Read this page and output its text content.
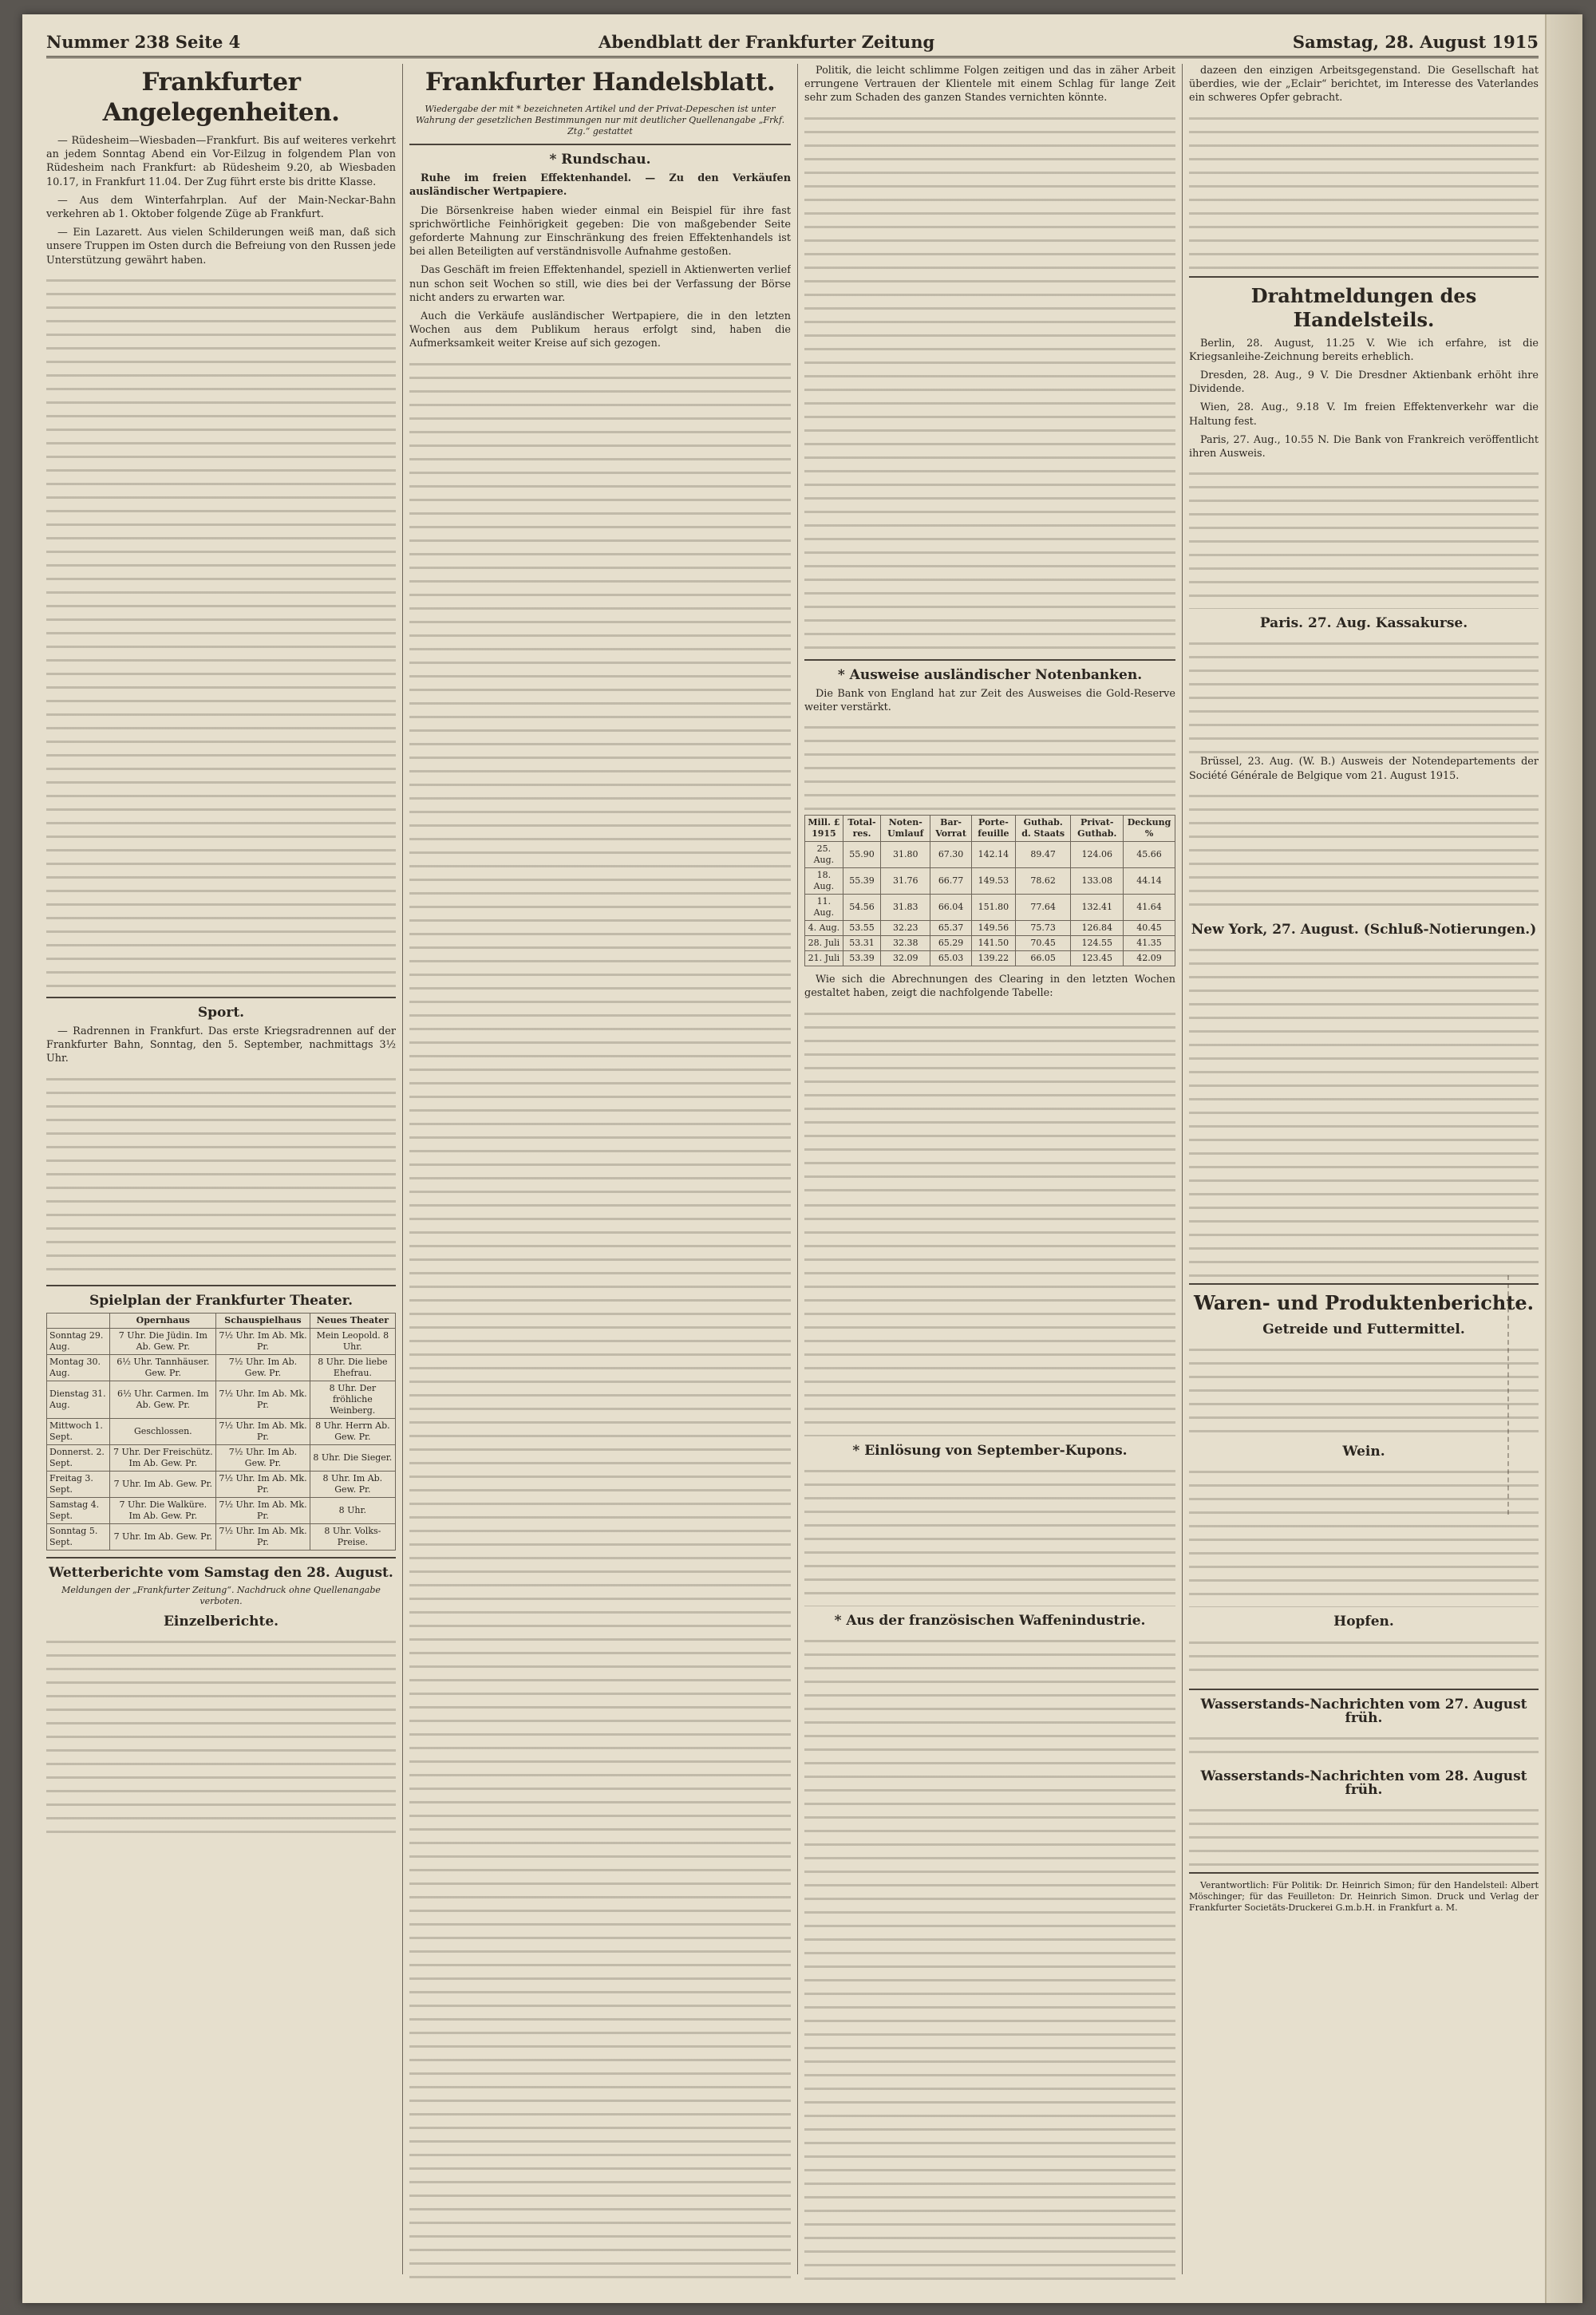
Nummer 238 Seite 4	Abendblatt der Frankfurter Zeitung	Samstag, 28. August 1915
Frankfurter Angelegenheiten.

— Rüdesheim—Wiesbaden—Frankfurt. Bis auf weiteres verkehrt an jedem Sonntag Abend ein Vor-Eilzug in folgendem Plan von Rüdesheim nach Frankfurt: ab Rüdesheim 9.20, ab Wiesbaden 10.17, in Frankfurt 11.04. Der Zug führt erste bis dritte Klasse.

— Aus dem Winterfahrplan. Auf der Main-Neckar-Bahn verkehren ab 1. Oktober folgende Züge ab Frankfurt.

— Ein Lazarett. Aus vielen Schilderungen weiß man, daß sich unsere Truppen im Osten durch die Befreiung von den Russen jede Unterstützung gewährt haben.

Sport.

— Radrennen in Frankfurt. Das erste Kriegsradrennen auf der Frankfurter Bahn, Sonntag, den 5. September, nachmittags 3½ Uhr.

Spielplan der Frankfurter Theater.
	Opernhaus	Schauspielhaus	Neues Theater
Sonntag 29. Aug.	7 Uhr. Die Jüdin. Im Ab. Gew. Pr.	7½ Uhr. Im Ab. Mk. Pr.	Mein Leopold. 8 Uhr.
Montag 30. Aug.	6½ Uhr. Tannhäuser. Gew. Pr.	7½ Uhr. Im Ab. Gew. Pr.	8 Uhr. Die liebe Ehefrau.
Dienstag 31. Aug.	6½ Uhr. Carmen. Im Ab. Gew. Pr.	7½ Uhr. Im Ab. Mk. Pr.	8 Uhr. Der fröhliche Weinberg.
Mittwoch 1. Sept.	Geschlossen.	7½ Uhr. Im Ab. Mk. Pr.	8 Uhr. Herrn Ab. Gew. Pr.
Donnerst. 2. Sept.	7 Uhr. Der Freischütz. Im Ab. Gew. Pr.	7½ Uhr. Im Ab. Gew. Pr.	8 Uhr. Die Sieger.
Freitag 3. Sept.	7 Uhr. Im Ab. Gew. Pr.	7½ Uhr. Im Ab. Mk. Pr.	8 Uhr. Im Ab. Gew. Pr.
Samstag 4. Sept.	7 Uhr. Die Walküre. Im Ab. Gew. Pr.	7½ Uhr. Im Ab. Mk. Pr.	8 Uhr.
Sonntag 5. Sept.	7 Uhr. Im Ab. Gew. Pr.	7½ Uhr. Im Ab. Mk. Pr.	8 Uhr. Volks-Preise.
Wetterberichte vom Samstag den 28. August.
Meldungen der „Frankfurter Zeitung“. Nachdruck ohne Quellenangabe verboten.
Einzelberichte.
Frankfurter Handelsblatt.
Wiedergabe der mit * bezeichneten Artikel und der Privat-Depeschen ist unter Wahrung der gesetzlichen Bestimmungen nur mit deutlicher Quellenangabe „Frkf. Ztg.“ gestattet
* Rundschau.

Ruhe im freien Effektenhandel. — Zu den Verkäufen ausländischer Wertpapiere.

Die Börsenkreise haben wieder einmal ein Beispiel für ihre fast sprichwörtliche Feinhörigkeit gegeben: Die von maßgebender Seite geforderte Mahnung zur Einschränkung des freien Effektenhandels ist bei allen Beteiligten auf verständnisvolle Aufnahme gestoßen.

Das Geschäft im freien Effektenhandel, speziell in Aktienwerten verlief nun schon seit Wochen so still, wie dies bei der Verfassung der Börse nicht anders zu erwarten war.

Auch die Verkäufe ausländischer Wertpapiere, die in den letzten Wochen aus dem Publikum heraus erfolgt sind, haben die Aufmerksamkeit weiter Kreise auf sich gezogen.

Politik, die leicht schlimme Folgen zeitigen und das in zäher Arbeit errungene Vertrauen der Klientele mit einem Schlag für lange Zeit sehr zum Schaden des ganzen Standes vernichten könnte.

* Ausweise ausländischer Notenbanken.

Die Bank von England hat zur Zeit des Ausweises die Gold-Reserve weiter verstärkt.

Mill. £ 1915	Total-res.	Noten-Umlauf	Bar-Vorrat	Porte-feuille	Guthab. d. Staats	Privat-Guthab.	Deckung %
25. Aug.	55.90	31.80	67.30	142.14	89.47	124.06	45.66
18. Aug.	55.39	31.76	66.77	149.53	78.62	133.08	44.14
11. Aug.	54.56	31.83	66.04	151.80	77.64	132.41	41.64
4. Aug.	53.55	32.23	65.37	149.56	75.73	126.84	40.45
28. Juli	53.31	32.38	65.29	141.50	70.45	124.55	41.35
21. Juli	53.39	32.09	65.03	139.22	66.05	123.45	42.09

Wie sich die Abrechnungen des Clearing in den letzten Wochen gestaltet haben, zeigt die nachfolgende Tabelle:

* Einlösung von September-Kupons.
* Aus der französischen Waffenindustrie.

dazeen den einzigen Arbeitsgegenstand. Die Gesellschaft hat überdies, wie der „Eclair“ berichtet, im Interesse des Vaterlandes ein schweres Opfer gebracht.

Drahtmeldungen des Handelsteils.

Berlin, 28. August, 11.25 V. Wie ich erfahre, ist die Kriegsanleihe-Zeichnung bereits erheblich.

Dresden, 28. Aug., 9 V. Die Dresdner Aktienbank erhöht ihre Dividende.

Wien, 28. Aug., 9.18 V. Im freien Effektenverkehr war die Haltung fest.

Paris, 27. Aug., 10.55 N. Die Bank von Frankreich veröffentlicht ihren Ausweis.

Paris. 27. Aug. Kassakurse.

Brüssel, 23. Aug. (W. B.) Ausweis der Notendepartements der Société Générale de Belgique vom 21. August 1915.

New York, 27. August. (Schluß-Notierungen.)
Waren- und Produktenberichte.
Getreide und Futtermittel.
Wein.
Hopfen.
Wasserstands-Nachrichten vom 27. August früh.
Wasserstands-Nachrichten vom 28. August früh.

Verantwortlich: Für Politik: Dr. Heinrich Simon; für den Handelsteil: Albert Möschinger; für das Feuilleton: Dr. Heinrich Simon. Druck und Verlag der Frankfurter Societäts-Druckerei G.m.b.H. in Frankfurt a. M.
